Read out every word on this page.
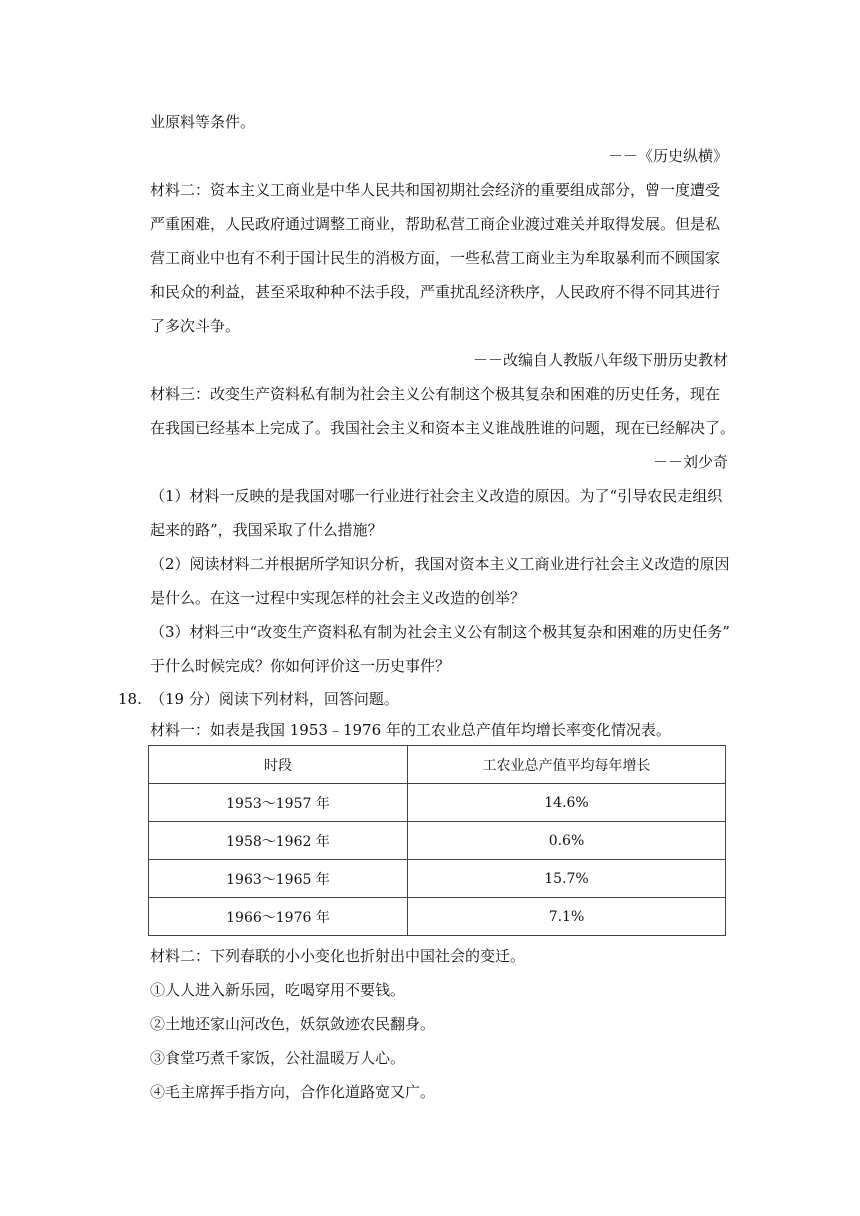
业原料等条件。
－－《历史纵横》
材料二：资本主义工商业是中华人民共和国初期社会经济的重要组成部分，曾一度遭受
严重困难，人民政府通过调整工商业，帮助私营工商企业渡过难关并取得发展。但是私
营工商业中也有不利于国计民生的消极方面，一些私营工商业主为牟取暴利而不顾国家
和民众的利益，甚至采取种种不法手段，严重扰乱经济秩序，人民政府不得不同其进行
了多次斗争。
－－改编自人教版八年级下册历史教材
材料三：改变生产资料私有制为社会主义公有制这个极其复杂和困难的历史任务，现在
在我国已经基本上完成了。我国社会主义和资本主义谁战胜谁的问题，现在已经解决了。
－－刘少奇
（1）材料一反映的是我国对哪一行业进行社会主义改造的原因。为了“引导农民走组织
起来的路”，我国采取了什么措施？
（2）阅读材料二并根据所学知识分析，我国对资本主义工商业进行社会主义改造的原因
是什么。在这一过程中实现怎样的社会主义改造的创举？
（3）材料三中“改变生产资料私有制为社会主义公有制这个极其复杂和困难的历史任务”
于什么时候完成？你如何评价这一历史事件？
18. （19 分）阅读下列材料，回答问题。
材料一：如表是我国 1953﹣1976 年的工农业总产值年均增长率变化情况表。
时段	工农业总产值平均每年增长
1953～1957 年	14.6%
1958～1962 年	0.6%
1963～1965 年	15.7%
1966～1976 年	7.1%
材料二：下列春联的小小变化也折射出中国社会的变迁。
①人人进入新乐园，吃喝穿用不要钱。
②土地还家山河改色，妖氛敛迹农民翻身。
③食堂巧煮千家饭，公社温暖万人心。
④毛主席挥手指方向，合作化道路宽又广。
